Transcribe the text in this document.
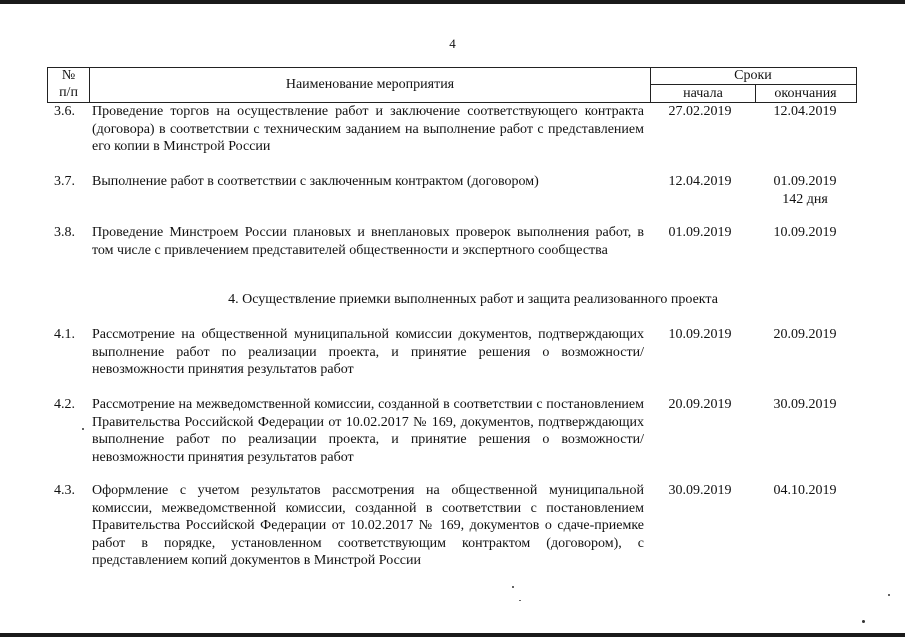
4
№
п/п
Наименование мероприятия
Сроки
начала	окончания
3.6.	Проведение торгов на осуществление работ и заключение соответствующего контракта (договора) в соответствии с техническим заданием на выполнение работ с представлением его копии в Минстрой России
27.02.2019	12.04.2019
3.7.	Выполнение работ в соответствии с заключенным контрактом (договором)	12.04.2019	01.09.2019
142 дня
3.8.	Проведение Минстроем России плановых и внеплановых проверок выполнения работ, в том числе с привлечением представителей общественности и экспертного сообщества
01.09.2019	10.09.2019
4. Осуществление приемки выполненных работ и защита реализованного проекта
4.1.	Рассмотрение на общественной муниципальной комиссии документов, подтверждающих выполнение работ по реализации проекта, и принятие решения о возможности/невозможности принятия результатов работ
10.09.2019	20.09.2019
4.2.	Рассмотрение на межведомственной комиссии, созданной в соответствии с постановлением Правительства Российской Федерации от 10.02.2017 № 169, документов, подтверждающих выполнение работ по реализации проекта, и принятие решения о возможности/невозможности принятия результатов работ
20.09.2019	30.09.2019
4.3.	Оформление с учетом результатов рассмотрения на общественной муниципальной комиссии, межведомственной комиссии, созданной в соответствии с постановлением Правительства Российской Федерации от 10.02.2017 № 169, документов о сдаче-приемке работ в порядке, установленном соответствующим контрактом (договором), с представлением копий документов в Минстрой России
30.09.2019	04.10.2019
